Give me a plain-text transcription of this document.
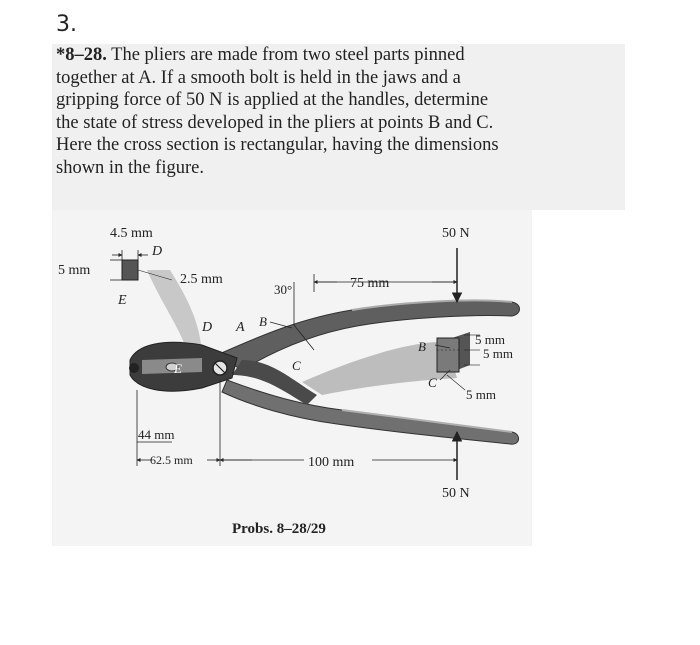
3.
*8–28. The pliers are made from two steel parts pinned
together at A. If a smooth bolt is held in the jaws and a
gripping force of 50 N is applied at the handles, determine
the state of stress developed in the pliers at points B and C.
Here the cross section is rectangular, having the dimensions
shown in the figure.
4.5 mm
D
5 mm
2.5 mm
E
30°	75 mm
50 N
D A B
E	C
B
C
5 mm
5 mm
5 mm
44 mm
62.5 mm	100 mm
50 N
Probs. 8–28/29
